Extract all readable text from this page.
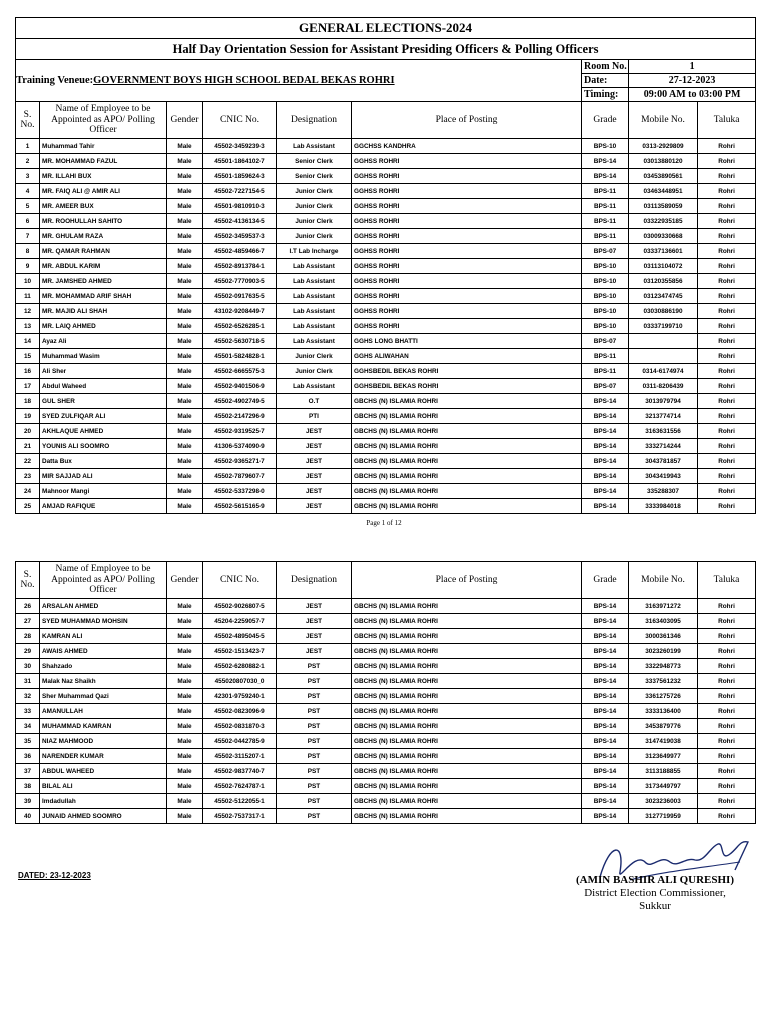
GENERAL ELECTIONS-2024								
Half Day Orientation Session for Assistant Presiding Officers & Polling Officers								

Training Veneue: GOVERNMENT BOYS HIGH SCHOOL BEDAL BEKAS ROHRI						Room No.	1	
						Date:	27-12-2023	
						Timing:	09:00 AM to 03:00 PM	
S. No.	Name of Employee to be Appointed as APO/ Polling Officer	Gender	CNIC No.	Designation	Place of Posting	Grade	Mobile No.	Taluka
1	Muhammad Tahir	Male	45502-3459239-3	Lab Assistant	GGCHSS KANDHRA	BPS-10	0313-2929809	Rohri
2	MR. MOHAMMAD FAZUL	Male	45501-1864102-7	Senior Clerk	GGHSS ROHRI	BPS-14	03013880120	Rohri
3	MR. ILLAHI BUX	Male	45501-1859624-3	Senior Clerk	GGHSS ROHRI	BPS-14	03453890561	Rohri
4	MR. FAIQ ALI @ AMIR ALI	Male	45502-7227154-5	Junior Clerk	GGHSS ROHRI	BPS-11	03463448951	Rohri
5	MR. AMEER BUX	Male	45501-9810910-3	Junior Clerk	GGHSS ROHRI	BPS-11	03113589059	Rohri
6	MR. ROOHULLAH SAHITO	Male	45502-4136134-5	Junior Clerk	GGHSS ROHRI	BPS-11	03322935185	Rohri
7	MR. GHULAM RAZA	Male	45502-3459537-3	Junior Clerk	GGHSS ROHRI	BPS-11	03009330668	Rohri
8	MR. QAMAR RAHMAN	Male	45502-4859466-7	I.T Lab Incharge	GGHSS ROHRI	BPS-07	03337136601	Rohri
9	MR. ABDUL KARIM	Male	45502-8913784-1	Lab Assistant	GGHSS ROHRI	BPS-10	03113104072	Rohri
10	MR. JAMSHED AHMED	Male	45502-7770903-5	Lab Assistant	GGHSS ROHRI	BPS-10	03120355856	Rohri
11	MR. MOHAMMAD ARIF SHAH	Male	45502-0917635-5	Lab Assistant	GGHSS ROHRI	BPS-10	03123474745	Rohri
12	MR. MAJID ALI SHAH	Male	43102-9208449-7	Lab Assistant	GGHSS ROHRI	BPS-10	03030886190	Rohri
13	MR. LAIQ AHMED	Male	45502-6526285-1	Lab Assistant	GGHSS ROHRI	BPS-10	03337199710	Rohri
14	Ayaz Ali	Male	45502-5630718-5	Lab Assistant	GGHS LONG BHATTI	BPS-07		Rohri
15	Muhammad Wasim	Male	45501-5824828-1	Junior Clerk	GGHS ALIWAHAN	BPS-11		Rohri
16	Ali Sher	Male	45502-6665575-3	Junior Clerk	GGHSBEDIL BEKAS ROHRI	BPS-11	0314-6174974	Rohri
17	Abdul Waheed	Male	45502-9401506-9	Lab Assistant	GGHSBEDIL BEKAS ROHRI	BPS-07	0311-8206439	Rohri
18	GUL SHER	Male	45502-4902749-5	O.T	GBCHS (N) ISLAMIA ROHRI	BPS-14	3013979794	Rohri
19	SYED ZULFIQAR ALI	Male	45502-2147296-9	PTI	GBCHS (N) ISLAMIA ROHRI	BPS-14	3213774714	Rohri
20	AKHLAQUE AHMED	Male	45502-9319525-7	JEST	GBCHS (N) ISLAMIA ROHRI	BPS-14	3163631556	Rohri
21	YOUNIS ALI SOOMRO	Male	41306-5374090-9	JEST	GBCHS (N) ISLAMIA ROHRI	BPS-14	3332714244	Rohri
22	Datta Bux	Male	45502-9365271-7	JEST	GBCHS (N) ISLAMIA ROHRI	BPS-14	3043781857	Rohri
23	MIR SAJJAD ALI	Male	45502-7879607-7	JEST	GBCHS (N) ISLAMIA ROHRI	BPS-14	3043419943	Rohri
24	Mahnoor Mangi	Male	45502-5337298-0	JEST	GBCHS (N) ISLAMIA ROHRI	BPS-14	335288307	Rohri
25	AMJAD RAFIQUE	Male	45502-5615165-9	JEST	GBCHS (N) ISLAMIA ROHRI	BPS-14	3333984018	Rohri
Page 1 of 12
S. No.	Name of Employee to be Appointed as APO/ Polling Officer	Gender	CNIC No.	Designation	Place of Posting	Grade	Mobile No.	Taluka
26	ARSALAN AHMED	Male	45502-9026807-5	JEST	GBCHS (N) ISLAMIA ROHRI	BPS-14	3163971272	Rohri
27	SYED MUHAMMAD MOHSIN	Male	45204-2259057-7	JEST	GBCHS (N) ISLAMIA ROHRI	BPS-14	3163403095	Rohri
28	KAMRAN ALI	Male	45502-4895045-5	JEST	GBCHS (N) ISLAMIA ROHRI	BPS-14	3000361346	Rohri
29	AWAIS AHMED	Male	45502-1513423-7	JEST	GBCHS (N) ISLAMIA ROHRI	BPS-14	3023260199	Rohri
30	Shahzado	Male	45502-6280882-1	PST	GBCHS (N) ISLAMIA ROHRI	BPS-14	3322948773	Rohri
31	Malak Naz Shaikh	Male	455020807030_0	PST	GBCHS (N) ISLAMIA ROHRI	BPS-14	3337561232	Rohri
32	Sher Muhammad Qazi	Male	42301-9759240-1	PST	GBCHS (N) ISLAMIA ROHRI	BPS-14	3361275726	Rohri
33	AMANULLAH	Male	45502-0823096-9	PST	GBCHS (N) ISLAMIA ROHRI	BPS-14	3333136400	Rohri
34	MUHAMMAD KAMRAN	Male	45502-0831870-3	PST	GBCHS (N) ISLAMIA ROHRI	BPS-14	3453879776	Rohri
35	NIAZ MAHMOOD	Male	45502-0442785-9	PST	GBCHS (N) ISLAMIA ROHRI	BPS-14	3147419038	Rohri
36	NARENDER KUMAR	Male	45502-3115207-1	PST	GBCHS (N) ISLAMIA ROHRI	BPS-14	3123649977	Rohri
37	ABDUL WAHEED	Male	45502-9837740-7	PST	GBCHS (N) ISLAMIA ROHRI	BPS-14	3113188855	Rohri
38	BILAL ALI	Male	45502-7624787-1	PST	GBCHS (N) ISLAMIA ROHRI	BPS-14	3173449797	Rohri
39	Imdadullah	Male	45502-5122055-1	PST	GBCHS (N) ISLAMIA ROHRI	BPS-14	3023236003	Rohri
40	JUNAID AHMED SOOMRO	Male	45502-7537317-1	PST	GBCHS (N) ISLAMIA ROHRI	BPS-14	3127719959	Rohri
DATED: 23-12-2023	(AMIN BASHIR ALI QURESHI)
District Election Commissioner,
Sukkur
